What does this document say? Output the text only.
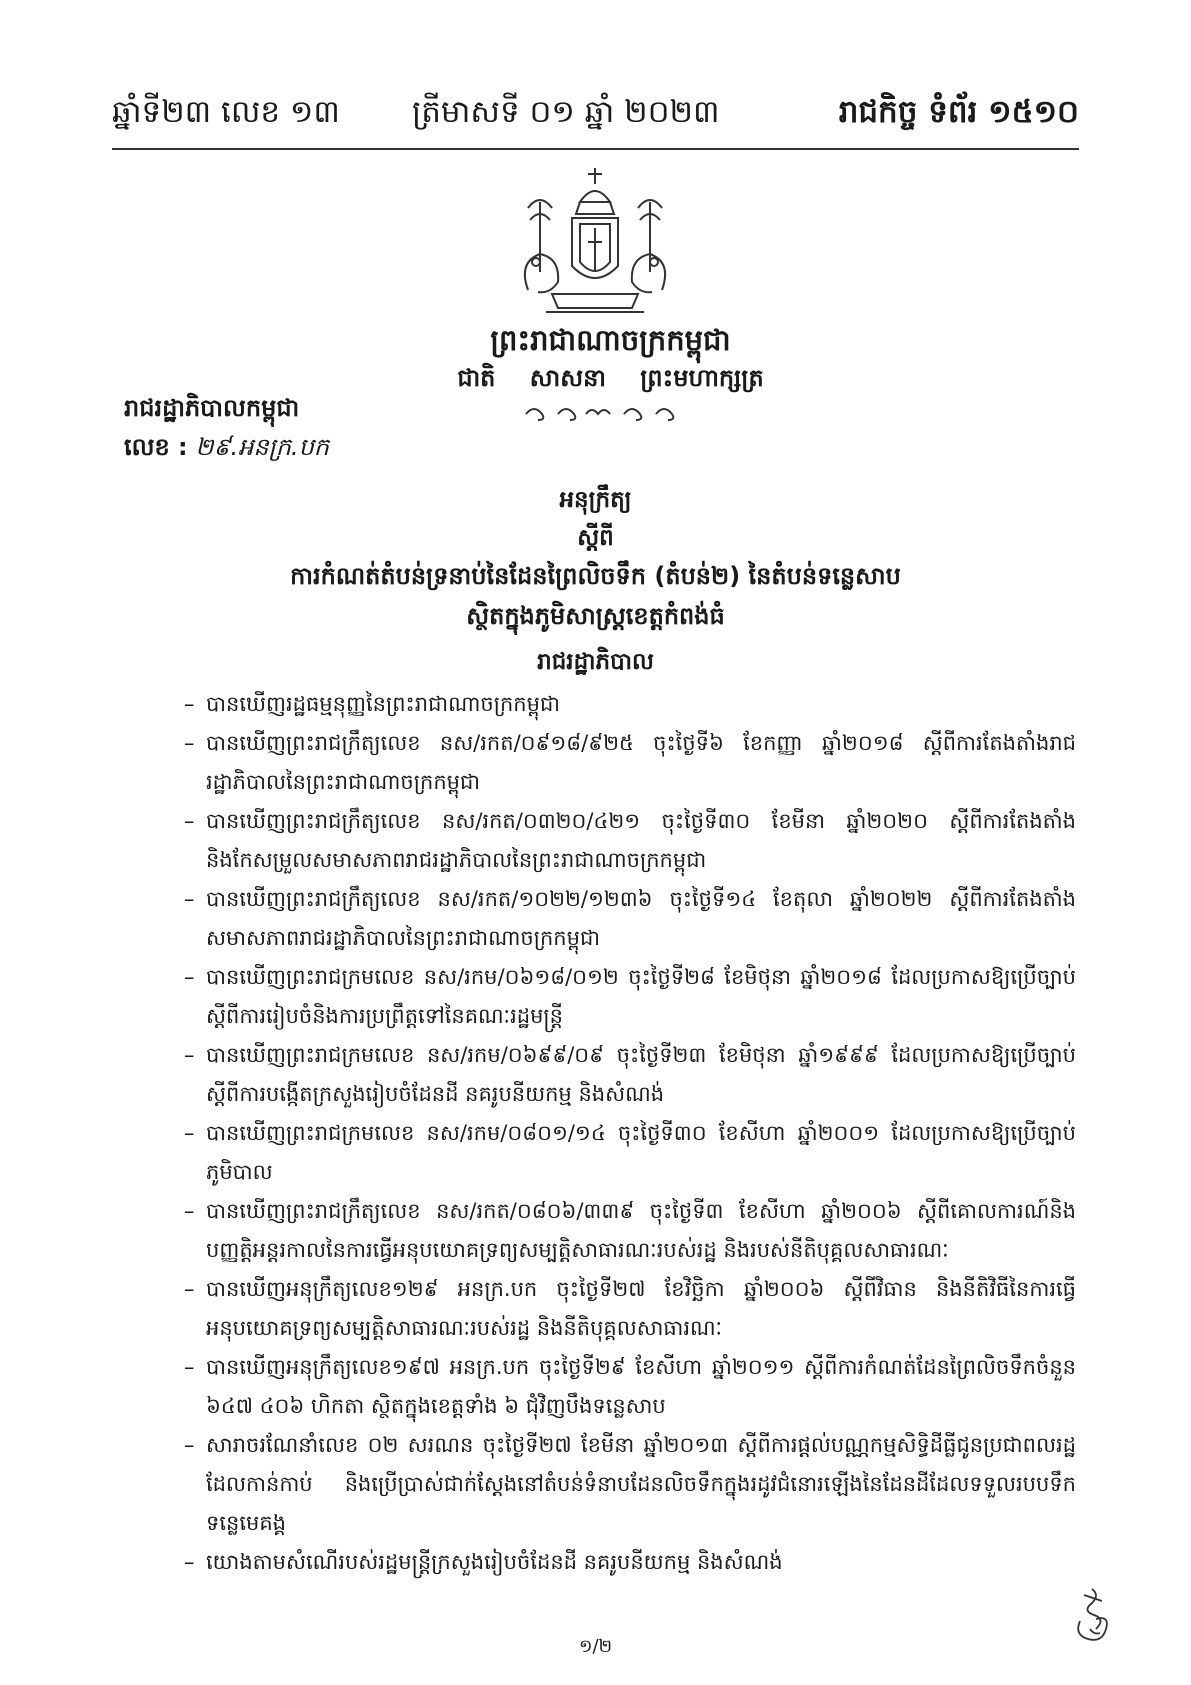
ឆ្នាំទី២៣ លេខ ១៣ ត្រីមាសទី ០១ ឆ្នាំ ២០២៣	រាជកិច្ច ទំព័រ ១៥១០
ព្រះរាជាណាចក្រកម្ពុជា
ជាតិ សាសនា ព្រះមហាក្សត្រ
រាជរដ្ឋាភិបាលកម្ពុជា
លេខ : ២៩.អនក្រ.បក
អនុក្រឹត្យ
ស្តីពី
ការកំណត់តំបន់ទ្រនាប់នៃដែនព្រៃលិចទឹក (តំបន់២) នៃតំបន់ទន្លេសាប
ស្ថិតក្នុងភូមិសាស្ត្រខេត្តកំពង់ធំ
រាជរដ្ឋាភិបាល
– បានឃើញរដ្ឋធម្មនុញ្ញនៃព្រះរាជាណាចក្រកម្ពុជា
– បានឃើញព្រះរាជក្រឹត្យលេខ នស/រកត/០៩១៨/៩២៥ ចុះថ្ងៃទី៦ ខែកញ្ញា ឆ្នាំ២០១៨ ស្តីពីការតែងតាំងរាជរដ្ឋាភិបាលនៃព្រះរាជាណាចក្រកម្ពុជា
– បានឃើញព្រះរាជក្រឹត្យលេខ នស/រកត/០៣២០/៤២១ ចុះថ្ងៃទី៣០ ខែមីនា ឆ្នាំ២០២០ ស្តីពីការតែងតាំង និងកែសម្រួលសមាសភាពរាជរដ្ឋាភិបាលនៃព្រះរាជាណាចក្រកម្ពុជា
– បានឃើញព្រះរាជក្រឹត្យលេខ នស/រកត/១០២២/១២៣៦ ចុះថ្ងៃទី១៤ ខែតុលា ឆ្នាំ២០២២ ស្តីពីការតែងតាំងសមាសភាពរាជរដ្ឋាភិបាលនៃព្រះរាជាណាចក្រកម្ពុជា
– បានឃើញព្រះរាជក្រមលេខ នស/រកម/០៦១៨/០១២ ចុះថ្ងៃទី២៨ ខែមិថុនា ឆ្នាំ២០១៨ ដែលប្រកាសឱ្យប្រើច្បាប់ស្តីពីការរៀបចំនិងការប្រព្រឹត្តទៅនៃគណៈរដ្ឋមន្ត្រី
– បានឃើញព្រះរាជក្រមលេខ នស/រកម/០៦៩៩/០៩ ចុះថ្ងៃទី២៣ ខែមិថុនា ឆ្នាំ១៩៩៩ ដែលប្រកាសឱ្យប្រើច្បាប់ស្តីពីការបង្កើតក្រសួងរៀបចំដែនដី នគរូបនីយកម្ម និងសំណង់
– បានឃើញព្រះរាជក្រមលេខ នស/រកម/០៨០១/១៤ ចុះថ្ងៃទី៣០ ខែសីហា ឆ្នាំ២០០១ ដែលប្រកាសឱ្យប្រើច្បាប់ភូមិបាល
– បានឃើញព្រះរាជក្រឹត្យលេខ នស/រកត/០៨០៦/៣៣៩ ចុះថ្ងៃទី៣ ខែសីហា ឆ្នាំ២០០៦ ស្តីពីគោលការណ៍និងបញ្ញត្តិអន្តរកាលនៃការធ្វើអនុបយោគទ្រព្យសម្បត្តិសាធារណៈរបស់រដ្ឋ និងរបស់នីតិបុគ្គលសាធារណៈ
– បានឃើញអនុក្រឹត្យលេខ១២៩ អនក្រ.បក ចុះថ្ងៃទី២៧ ខែវិច្ឆិកា ឆ្នាំ២០០៦ ស្តីពីវិធាន និងនីតិវិធីនៃការធ្វើអនុបយោគទ្រព្យសម្បត្តិសាធារណៈរបស់រដ្ឋ និងនីតិបុគ្គលសាធារណៈ
– បានឃើញអនុក្រឹត្យលេខ១៩៧ អនក្រ.បក ចុះថ្ងៃទី២៩ ខែសីហា ឆ្នាំ២០១១ ស្តីពីការកំណត់ដែនព្រៃលិចទឹកចំនួន ៦៤៧ ៤០៦ ហិកតា ស្ថិតក្នុងខេត្តទាំង ៦ ជុំវិញបឹងទន្លេសាប
– សារាចរណែនាំលេខ ០២ សរណន ចុះថ្ងៃទី២៧ ខែមីនា ឆ្នាំ២០១៣ ស្តីពីការផ្តល់បណ្ណកម្មសិទ្ធិដីធ្លីជូនប្រជាពលរដ្ឋដែលកាន់កាប់ និងប្រើប្រាស់ជាក់ស្តែងនៅតំបន់ទំនាបដែនលិចទឹកក្នុងរដូវជំនោរឡើងនៃដែនដីដែលទទួលរបបទឹកទន្លេមេគង្គ
– យោងតាមសំណើរបស់រដ្ឋមន្ត្រីក្រសួងរៀបចំដែនដី នគរូបនីយកម្ម និងសំណង់
១/២
